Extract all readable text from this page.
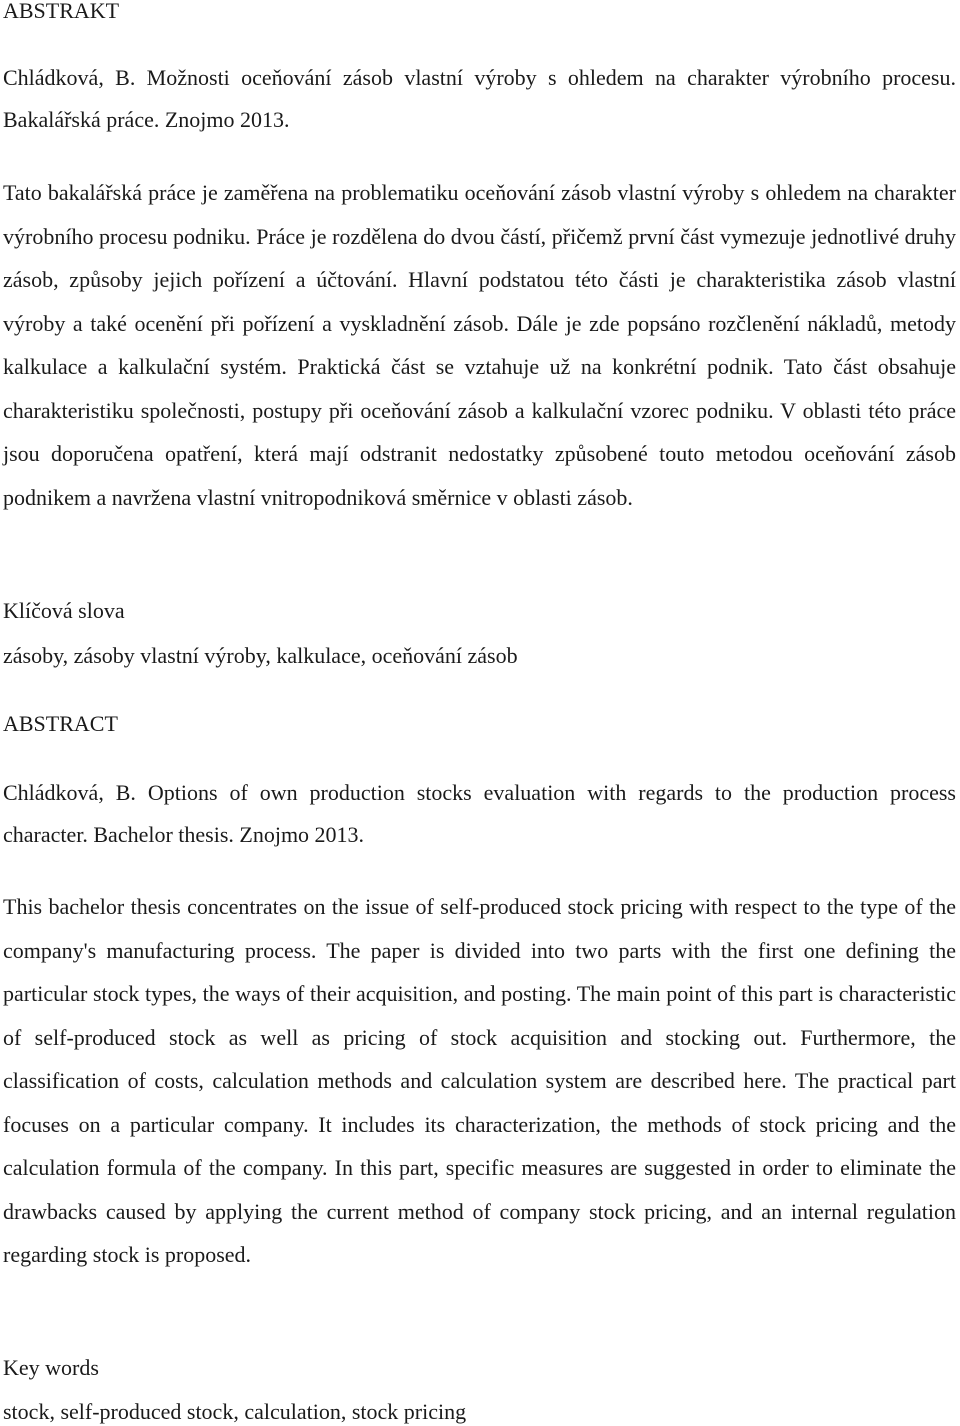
ABSTRAKT

Chládková, B. Možnosti oceňování zásob vlastní výroby s ohledem na charakter výrobního procesu. Bakalářská práce. Znojmo 2013.

Tato bakalářská práce je zaměřena na problematiku oceňování zásob vlastní výroby s ohledem na charakter výrobního procesu podniku. Práce je rozdělena do dvou částí, přičemž první část vymezuje jednotlivé druhy zásob, způsoby jejich pořízení a účtování. Hlavní podstatou této části je charakteristika zásob vlastní výroby a také ocenění při pořízení a vyskladnění zásob. Dále je zde popsáno rozčlenění nákladů, metody kalkulace a kalkulační systém. Praktická část se vztahuje už na konkrétní podnik. Tato část obsahuje charakteristiku společnosti, postupy při oceňování zásob a kalkulační vzorec podniku. V oblasti této práce jsou doporučena opatření, která mají odstranit nedostatky způsobené touto metodou oceňování zásob podnikem a navržena vlastní vnitropodniková směrnice v oblasti zásob.

Klíčová slova
zásoby, zásoby vlastní výroby, kalkulace, oceňování zásob
ABSTRACT

Chládková, B. Options of own production stocks evaluation with regards to the production process character. Bachelor thesis. Znojmo 2013.

This bachelor thesis concentrates on the issue of self-produced stock pricing with respect to the type of the company's manufacturing process. The paper is divided into two parts with the first one defining the particular stock types, the ways of their acquisition, and posting. The main point of this part is characteristic of self-produced stock as well as pricing of stock acquisition and stocking out. Furthermore, the classification of costs, calculation methods and calculation system are described here. The practical part focuses on a particular company. It includes its characterization, the methods of stock pricing and the calculation formula of the company. In this part, specific measures are suggested in order to eliminate the drawbacks caused by applying the current method of company stock pricing, and an internal regulation regarding stock is proposed.

Key words
stock, self-produced stock, calculation, stock pricing
